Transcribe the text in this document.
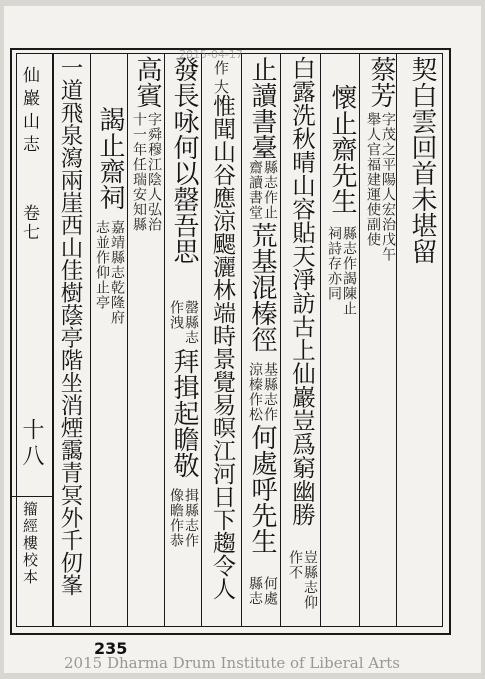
仙巖山志
卷七
十八
籀經樓校本
契白雲回首未堪留
蔡芳
字茂之平陽人宏治戊午
舉人官福建運使副使
懷止齋先生
縣志作謁陳止
祠詩存亦同
白露洗秋晴山容貼天淨訪古上仙巖豈爲窮幽勝
豈縣志仰
作不
止讀書臺
縣志作止
齋讀書堂
荒基混榛徑
基縣志作
涼榛作松
何處呼先生
何處
縣志
作大
惟聞山谷應涼颸灑林端時景覺易暝江河日下趨令人
發長咏何以罄吾思
罄縣志
作洩
拜揖起瞻敬
揖縣志作
像瞻作恭
高賓
字舜穆江陰人弘治
十一年任瑞安知縣
謁止齋祠
嘉靖縣志乾隆府
志並作仰止亭
一道飛泉瀉兩崖西山佳樹蔭亭階坐消煙靄青冥外千仞峯
2015-04-17
235
2015 Dharma Drum Institute of Liberal Arts
